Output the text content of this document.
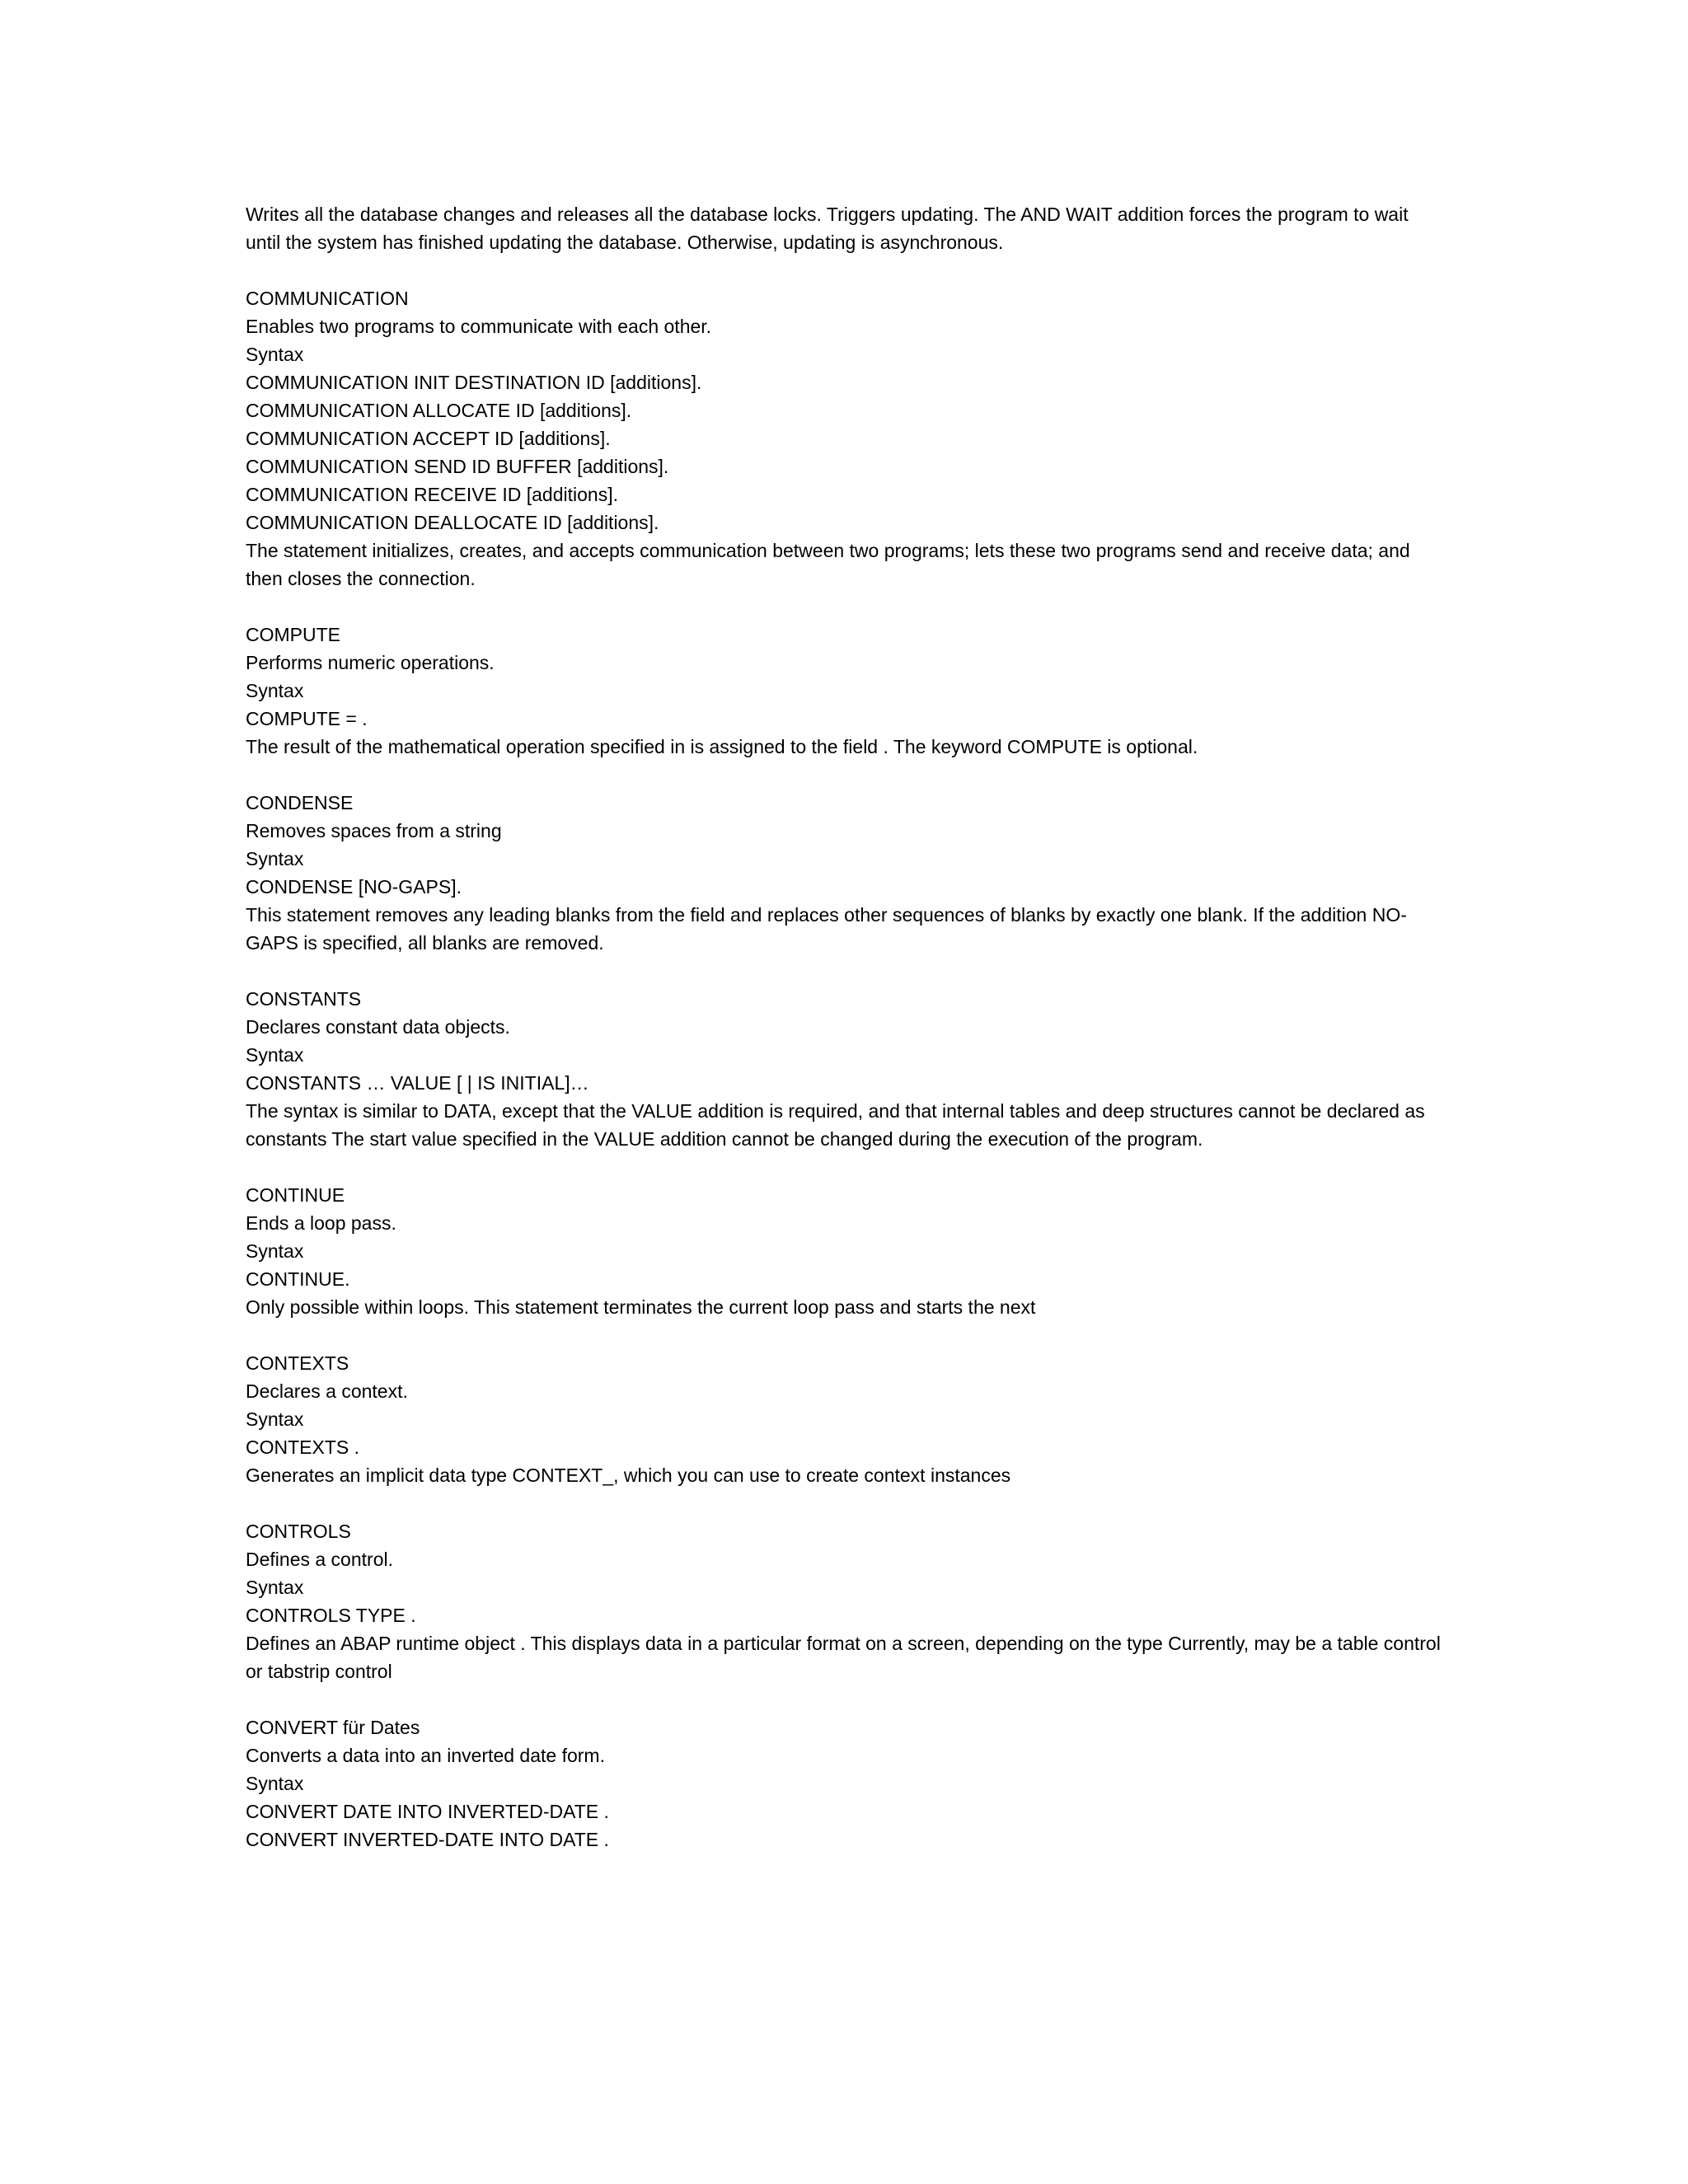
Writes all the database changes and releases all the database locks. Triggers updating. The AND WAIT addition forces the program to wait until the system has finished updating the database. Otherwise, updating is asynchronous.

COMMUNICATION
Enables two programs to communicate with each other.
Syntax
COMMUNICATION INIT DESTINATION ID [additions].
COMMUNICATION ALLOCATE ID [additions].
COMMUNICATION ACCEPT ID [additions].
COMMUNICATION SEND ID BUFFER [additions].
COMMUNICATION RECEIVE ID [additions].
COMMUNICATION DEALLOCATE ID [additions].
The statement initializes, creates, and accepts communication between two programs; lets these two programs send and receive data; and then closes the connection.
COMPUTE
Performs numeric operations.
Syntax
COMPUTE = .
The result of the mathematical operation specified in is assigned to the field . The keyword COMPUTE is optional.
CONDENSE
Removes spaces from a string
Syntax
CONDENSE [NO-GAPS].
This statement removes any leading blanks from the field and replaces other sequences of blanks by exactly one blank. If the addition NO-GAPS is specified, all blanks are removed.
CONSTANTS
Declares constant data objects.
Syntax
CONSTANTS … VALUE [ | IS INITIAL]…
The syntax is similar to DATA, except that the VALUE addition is required, and that internal tables and deep structures cannot be declared as constants The start value specified in the VALUE addition cannot be changed during the execution of the program.
CONTINUE
Ends a loop pass.
Syntax
CONTINUE.
Only possible within loops. This statement terminates the current loop pass and starts the next
CONTEXTS
Declares a context.
Syntax
CONTEXTS .
Generates an implicit data type CONTEXT_, which you can use to create context instances
CONTROLS
Defines a control.
Syntax
CONTROLS TYPE .
Defines an ABAP runtime object . This displays data in a particular format on a screen, depending on the type Currently, may be a table control or tabstrip control
CONVERT für Dates
Converts a data into an inverted date form.
Syntax
CONVERT DATE INTO INVERTED-DATE .
CONVERT INVERTED-DATE INTO DATE .
